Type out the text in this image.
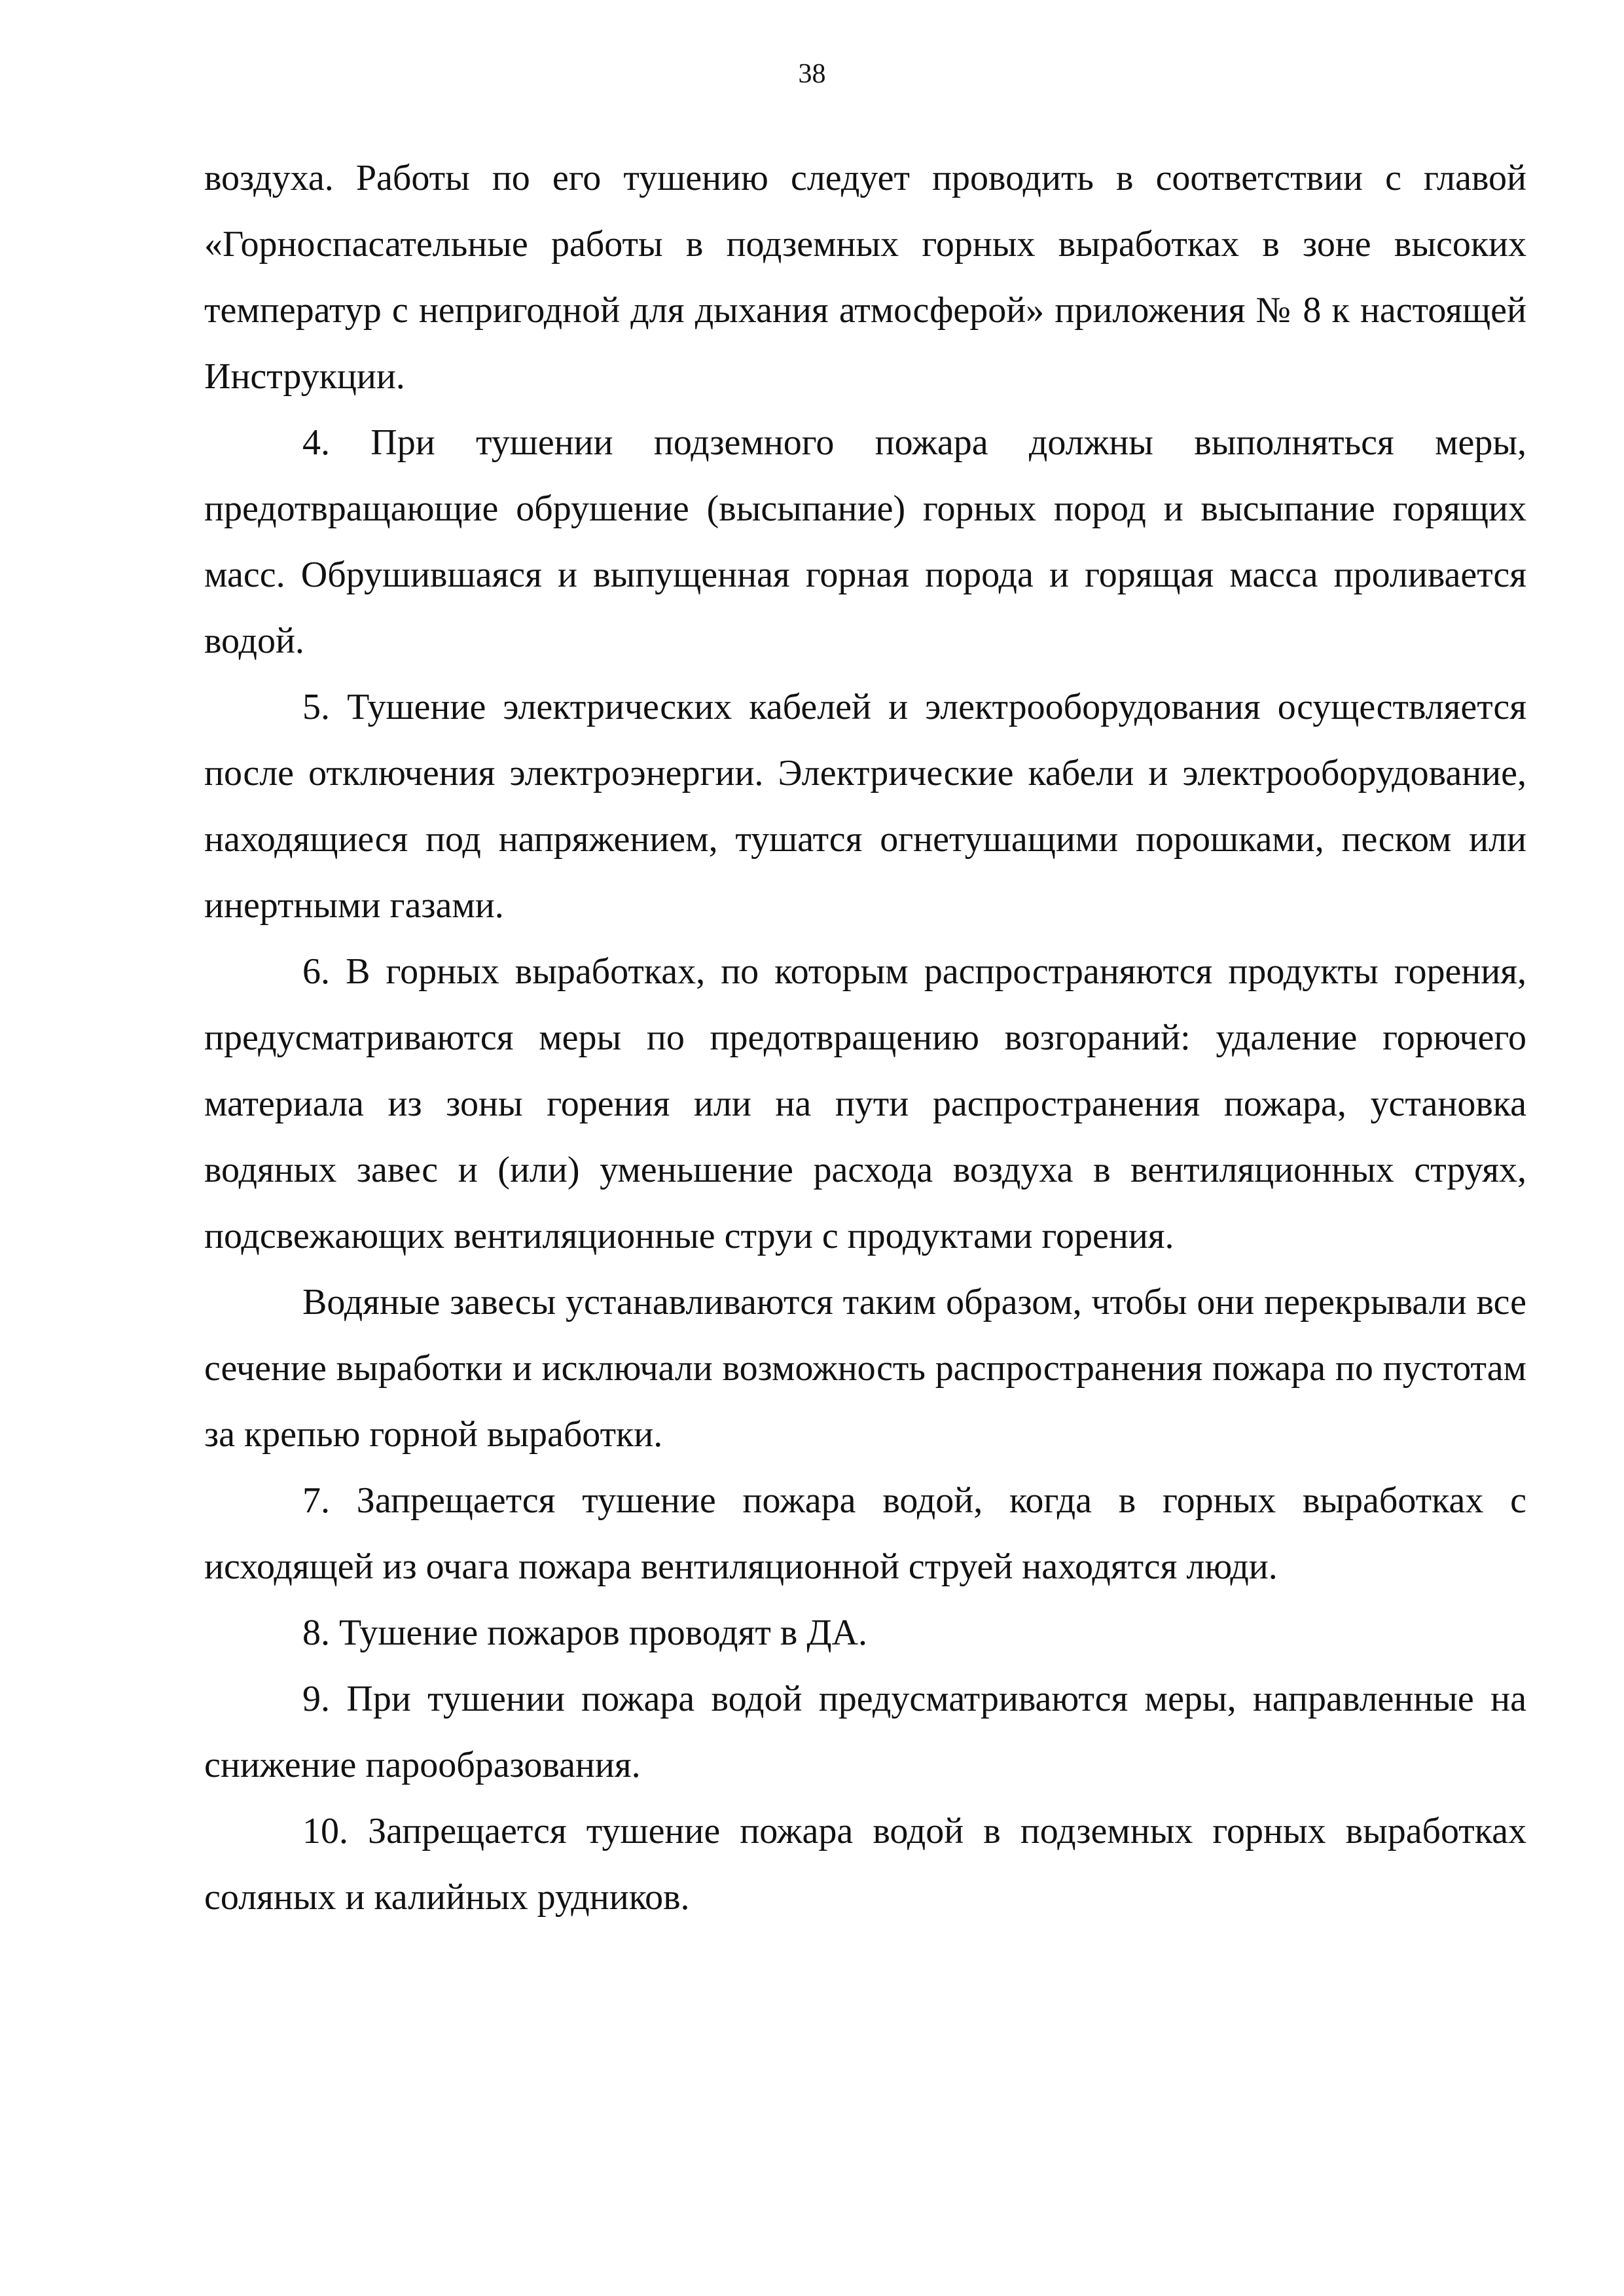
38

воздуха. Работы по его тушению следует проводить в соответствии с главой «Горноспасательные работы в подземных горных выработках в зоне высоких температур с непригодной для дыхания атмосферой» приложения № 8 к настоящей Инструкции.

4. При тушении подземного пожара должны выполняться меры, предотвращающие обрушение (высыпание) горных пород и высыпание горящих масс. Обрушившаяся и выпущенная горная порода и горящая масса проливается водой.

5. Тушение электрических кабелей и электрооборудования осуществляется после отключения электроэнергии. Электрические кабели и электрооборудование, находящиеся под напряжением, тушатся огнетушащими порошками, песком или инертными газами.

6. В горных выработках, по которым распространяются продукты горения, предусматриваются меры по предотвращению возгораний: удаление горючего материала из зоны горения или на пути распространения пожара, установка водяных завес и (или) уменьшение расхода воздуха в вентиляционных струях, подсвежающих вентиляционные струи с продуктами горения.

Водяные завесы устанавливаются таким образом, чтобы они перекрывали все сечение выработки и исключали возможность распространения пожара по пустотам за крепью горной выработки.

7. Запрещается тушение пожара водой, когда в горных выработках с исходящей из очага пожара вентиляционной струей находятся люди.

8. Тушение пожаров проводят в ДА.

9. При тушении пожара водой предусматриваются меры, направленные на снижение парообразования.

10. Запрещается тушение пожара водой в подземных горных выработках соляных и калийных рудников.
